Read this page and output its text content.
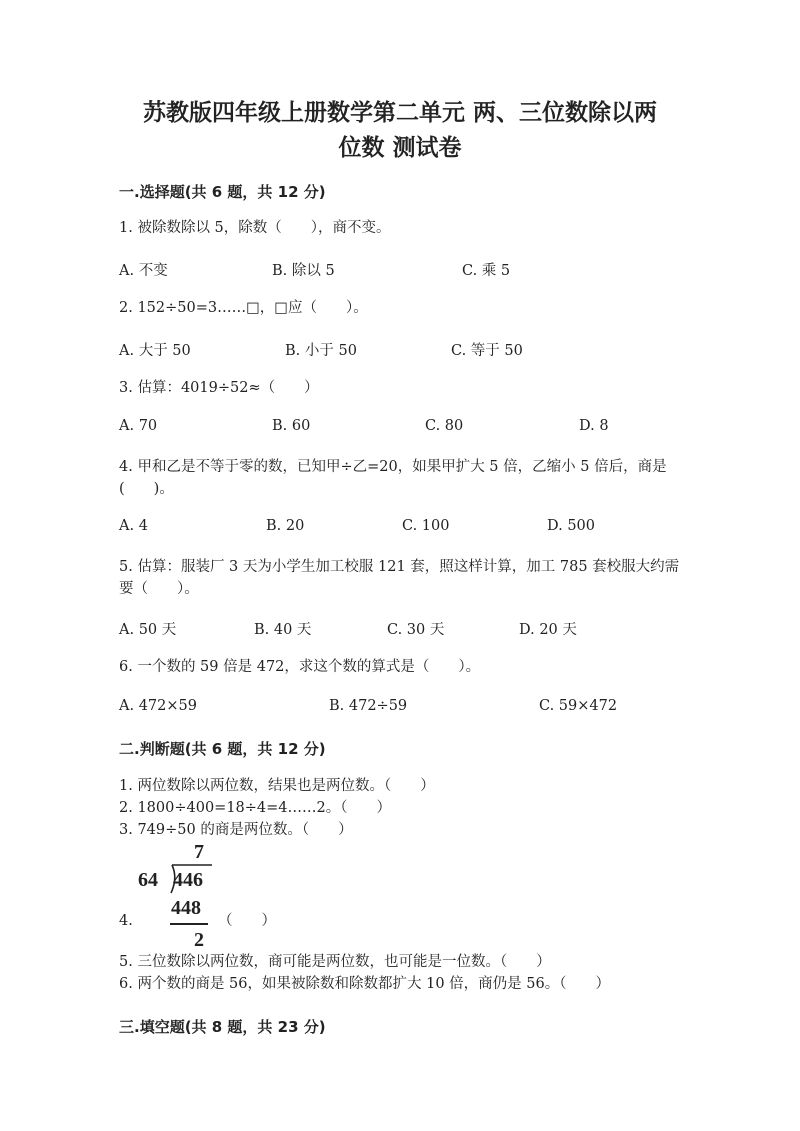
苏教版四年级上册数学第二单元 两、三位数除以两
位数 测试卷
一.选择题(共 6 题，共 12 分)
1. 被除数除以 5，除数（　　），商不变。
A. 不变	B. 除以 5	C. 乘 5
2. 152÷50=3……□，□应（　　）。
A. 大于 50	B. 小于 50	C. 等于 50
3. 估算：4019÷52≈（　　）
A. 70	B. 60	C. 80	D. 8
4. 甲和乙是不等于零的数，已知甲÷乙=20，如果甲扩大 5 倍，乙缩小 5 倍后，商是(　　)。
A. 4	B. 20	C. 100	D. 500
5. 估算：服装厂 3 天为小学生加工校服 121 套，照这样计算，加工 785 套校服大约需要（　　）。
A. 50 天	B. 40 天	C. 30 天	D. 20 天
6. 一个数的 59 倍是 472，求这个数的算式是（　　）。
A. 472×59	B. 472÷59	C. 59×472
二.判断题(共 6 题，共 12 分)
1. 两位数除以两位数，结果也是两位数。（　　）
2. 1800÷400=18÷4=4……2。（　　）
3. 749÷50 的商是两位数。（　　）
7
64 446
448
2
4.	（　　）
5. 三位数除以两位数，商可能是两位数，也可能是一位数。（　　）
6. 两个数的商是 56，如果被除数和除数都扩大 10 倍，商仍是 56。（　　）
三.填空题(共 8 题，共 23 分)
